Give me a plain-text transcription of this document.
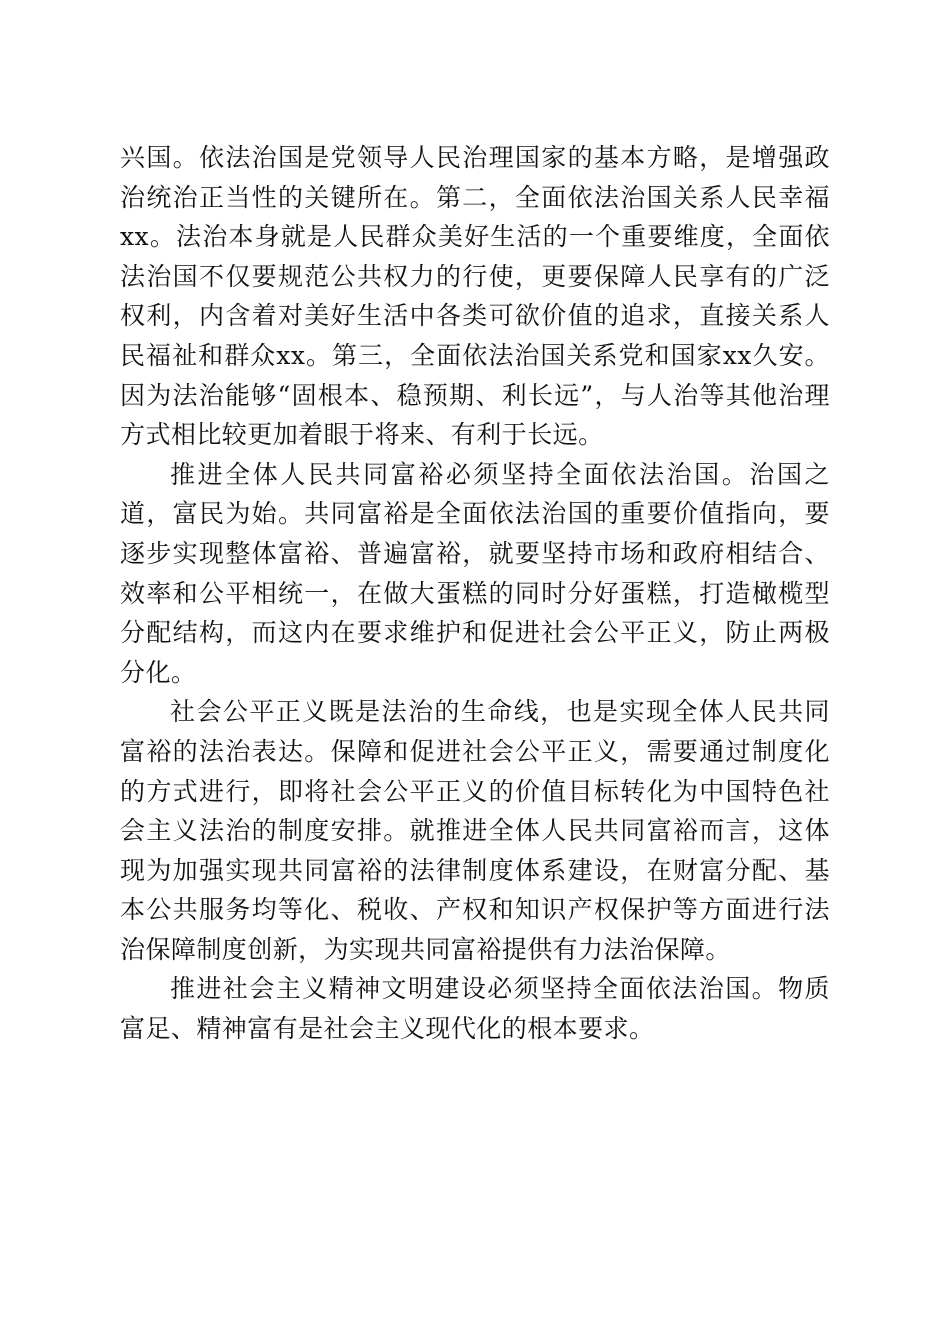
兴国。依法治国是党领导人民治理国家的基本方略，是增强政治统治正当性的关键所在。第二，全面依法治国关系人民幸福xx。法治本身就是人民群众美好生活的一个重要维度，全面依法治国不仅要规范公共权力的行使，更要保障人民享有的广泛权利，内含着对美好生活中各类可欲价值的追求，直接关系人民福祉和群众xx。第三，全面依法治国关系党和国家xx久安。因为法治能够“固根本、稳预期、利长远”，与人治等其他治理方式相比较更加着眼于将来、有利于长远。

推进全体人民共同富裕必须坚持全面依法治国。治国之道，富民为始。共同富裕是全面依法治国的重要价值指向，要逐步实现整体富裕、普遍富裕，就要坚持市场和政府相结合、效率和公平相统一，在做大蛋糕的同时分好蛋糕，打造橄榄型分配结构，而这内在要求维护和促进社会公平正义，防止两极分化。

社会公平正义既是法治的生命线，也是实现全体人民共同富裕的法治表达。保障和促进社会公平正义，需要通过制度化的方式进行，即将社会公平正义的价值目标转化为中国特色社会主义法治的制度安排。就推进全体人民共同富裕而言，这体现为加强实现共同富裕的法律制度体系建设，在财富分配、基本公共服务均等化、税收、产权和知识产权保护等方面进行法治保障制度创新，为实现共同富裕提供有力法治保障。

推进社会主义精神文明建设必须坚持全面依法治国。物质富足、精神富有是社会主义现代化的根本要求。
